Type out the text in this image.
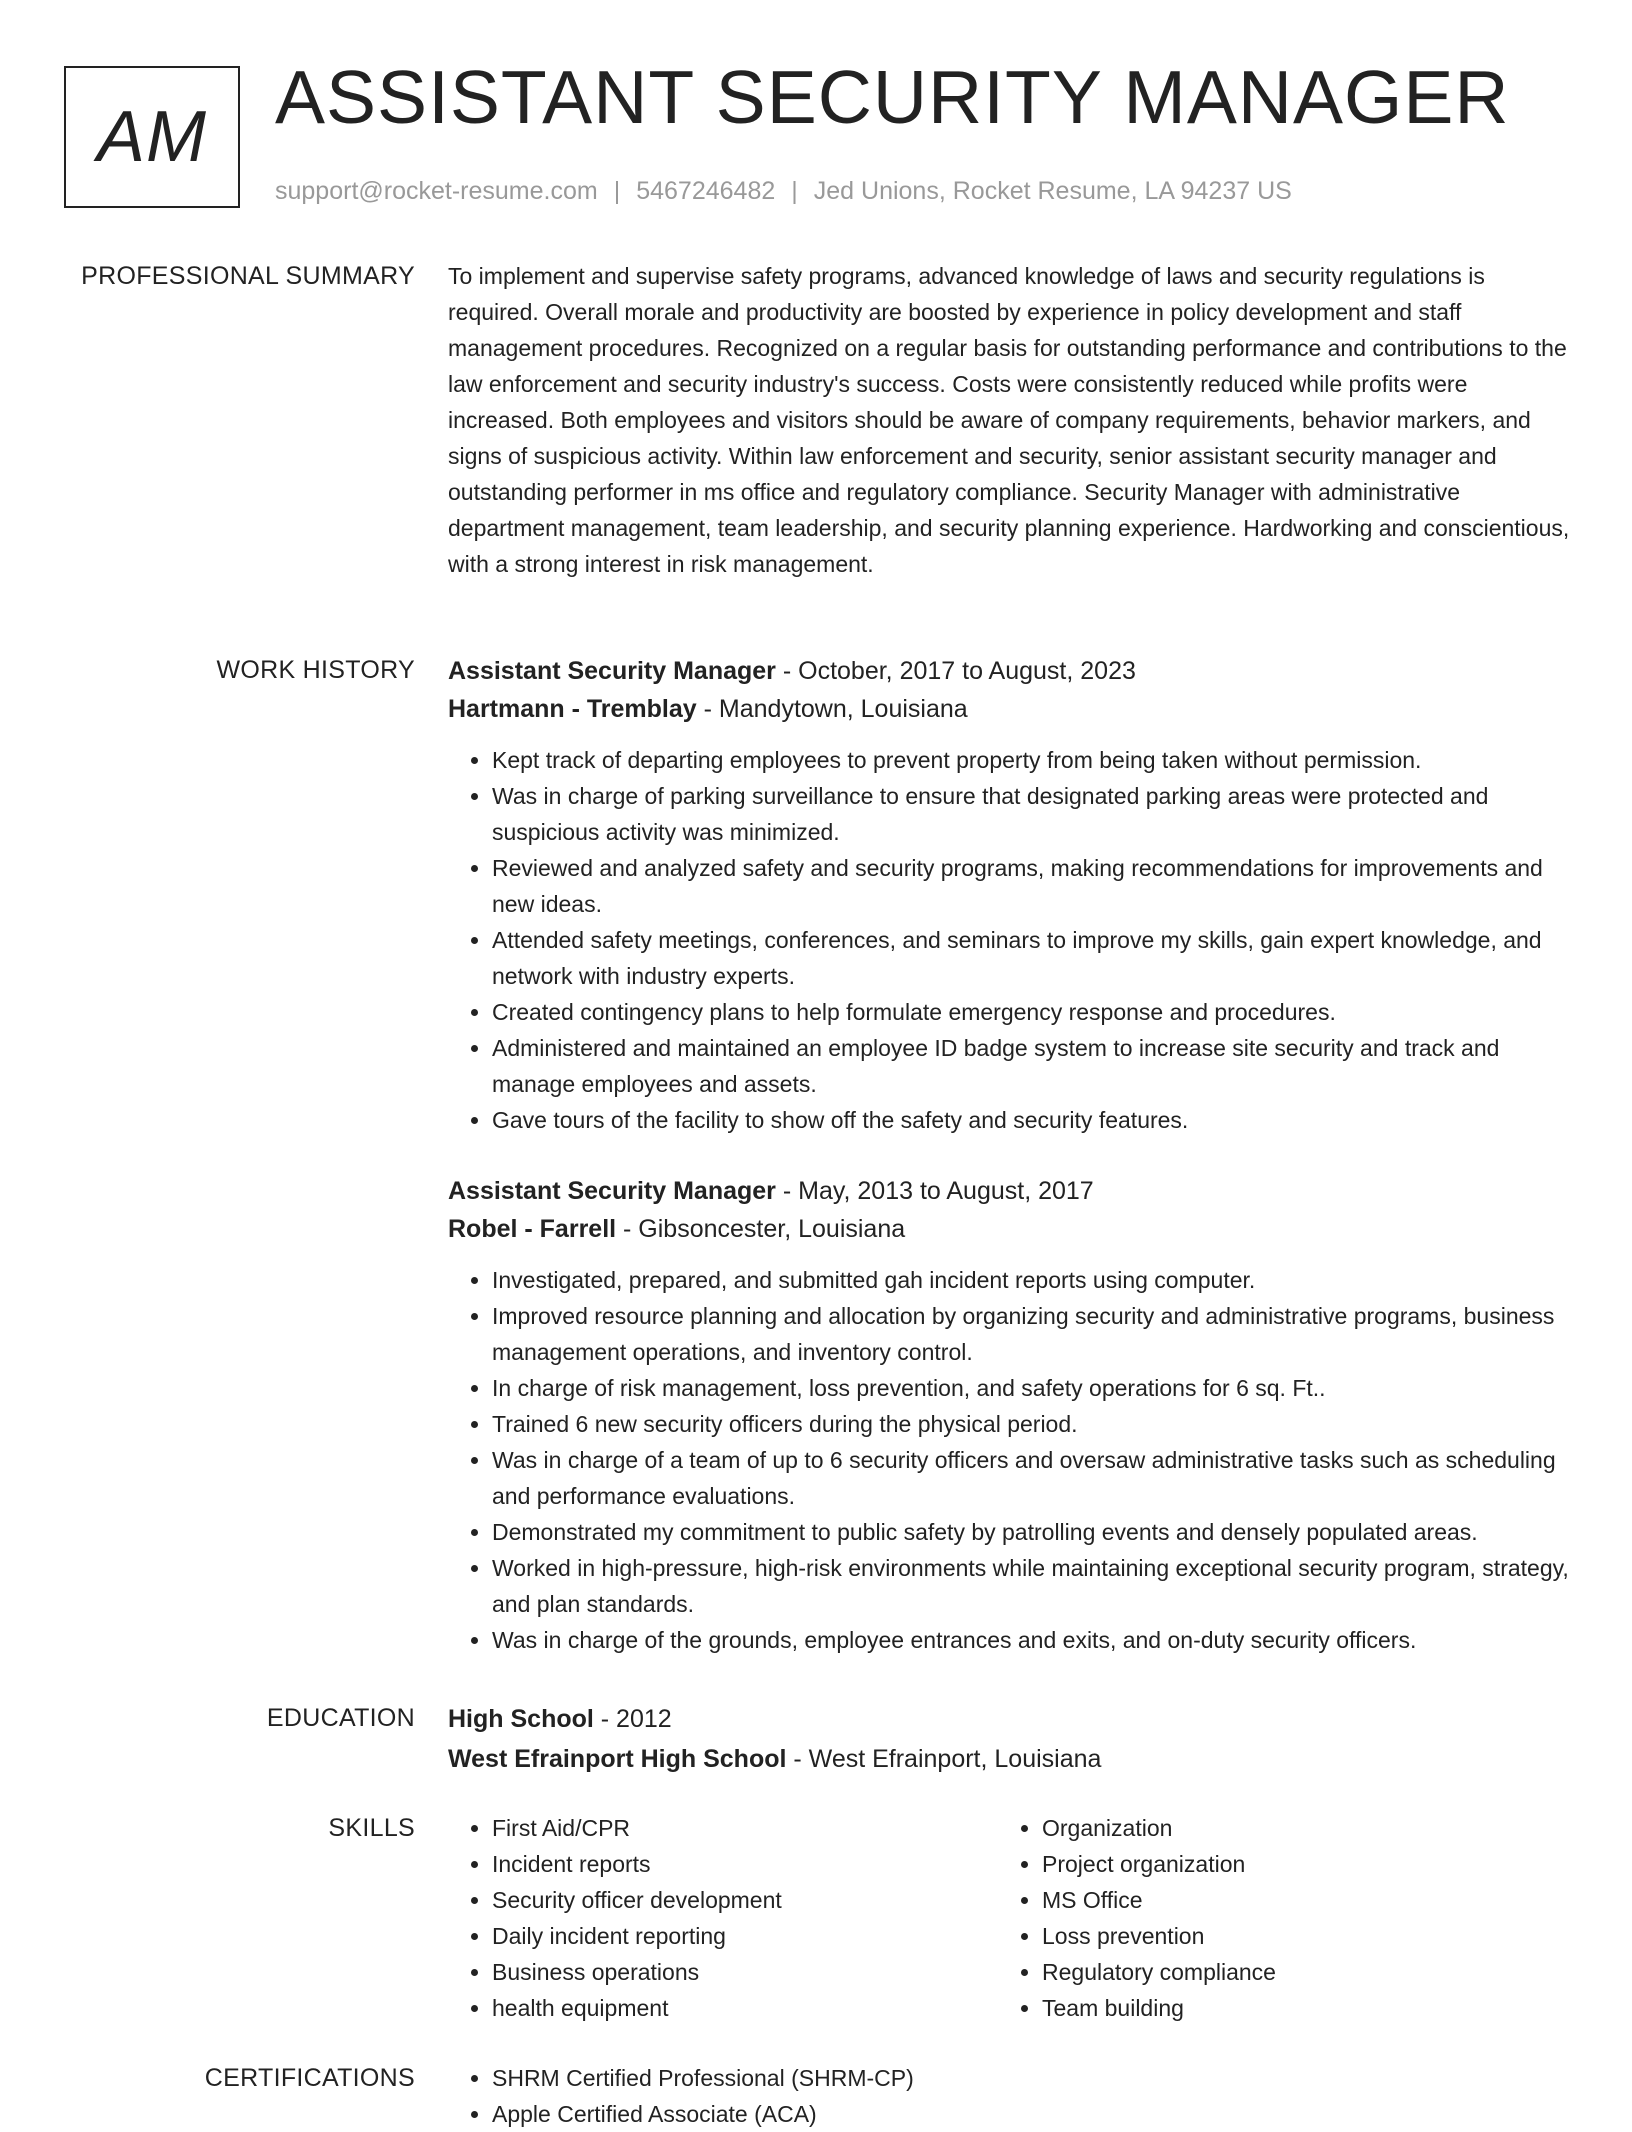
AM ASSISTANT SECURITY MANAGER
support@rocket-resume.com | 5467246482 | Jed Unions, Rocket Resume, LA 94237 US
PROFESSIONAL SUMMARY To implement and supervise safety programs, advanced knowledge of laws and security regulations is required. Overall morale and productivity are boosted by experience in policy development and staff management procedures. Recognized on a regular basis for outstanding performance and contributions to the law enforcement and security industry's success. Costs were consistently reduced while profits were increased. Both employees and visitors should be aware of company requirements, behavior markers, and signs of suspicious activity. Within law enforcement and security, senior assistant security manager and outstanding performer in ms office and regulatory compliance. Security Manager with administrative department management, team leadership, and security planning experience. Hardworking and conscientious, with a strong interest in risk management.

WORK HISTORY Assistant Security Manager - October, 2017 to August, 2023
Hartmann - Tremblay - Mandytown, Louisiana
• Kept track of departing employees to prevent property from being taken without permission.
• Was in charge of parking surveillance to ensure that designated parking areas were protected and suspicious activity was minimized.
• Reviewed and analyzed safety and security programs, making recommendations for improvements and new ideas.
• Attended safety meetings, conferences, and seminars to improve my skills, gain expert knowledge, and network with industry experts.
• Created contingency plans to help formulate emergency response and procedures.
• Administered and maintained an employee ID badge system to increase site security and track and manage employees and assets.
• Gave tours of the facility to show off the safety and security features.
Assistant Security Manager - May, 2013 to August, 2017
Robel - Farrell - Gibsoncester, Louisiana
• Investigated, prepared, and submitted gah incident reports using computer.
• Improved resource planning and allocation by organizing security and administrative programs, business management operations, and inventory control.
• In charge of risk management, loss prevention, and safety operations for 6 sq. Ft..
• Trained 6 new security officers during the physical period.
• Was in charge of a team of up to 6 security officers and oversaw administrative tasks such as scheduling and performance evaluations.
• Demonstrated my commitment to public safety by patrolling events and densely populated areas.
• Worked in high-pressure, high-risk environments while maintaining exceptional security program, strategy, and plan standards.
• Was in charge of the grounds, employee entrances and exits, and on-duty security officers.
EDUCATION High School - 2012
West Efrainport High School - West Efrainport, Louisiana
SKILLS	• First Aid/CPR
• Incident reports
• Security officer development
• Daily incident reporting
• Business operations
• health equipment
• Organization
• Project organization
• MS Office
• Loss prevention
• Regulatory compliance
• Team building
CERTIFICATIONS	• SHRM Certified Professional (SHRM-CP)
• Apple Certified Associate (ACA)
